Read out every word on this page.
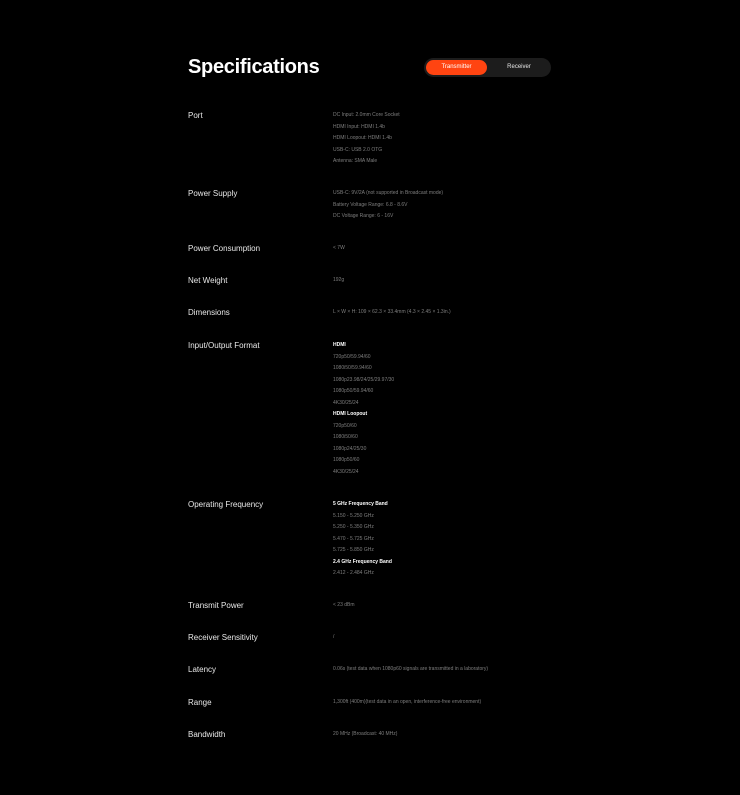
Specifications	Transmitter	Receiver
Port	DC Input: 2.0mm Core Socket
HDMI Input: HDMI 1.4b
HDMI Loopout: HDMI 1.4b
USB-C: USB 2.0 OTG
Antenna: SMA Male
Power Supply	USB-C: 9V/2A (not supported in Broadcast mode)
Battery Voltage Range: 6.8 - 8.6V
DC Voltage Range: 6 - 16V
Power Consumption	< 7W
Net Weight	192g
Dimensions	L × W × H: 109 × 62.3 × 33.4mm (4.3 × 2.45 × 1.3in.)
Input/Output Format	HDMI
720p50/59.94/60
1080i50/59.94/60
1080p23.98/24/25/29.97/30
1080p50/59.94/60
4K30/25/24
HDMI Loopout
720p50/60
1080i50/60
1080p24/25/30
1080p50/60
4K30/25/24
Operating Frequency	5 GHz Frequency Band
5.150 - 5.250 GHz
5.250 - 5.350 GHz
5.470 - 5.725 GHz
5.725 - 5.850 GHz
2.4 GHz Frequency Band
2.412 - 2.484 GHz
Transmit Power	< 23 dBm
Receiver Sensitivity	/
Latency	0.06s (test data when 1080p60 signals are transmitted in a laboratory)
Range	1,300ft (400m)(test data in an open, interference-free environment)
Bandwidth	20 MHz (Broadcast: 40 MHz)
